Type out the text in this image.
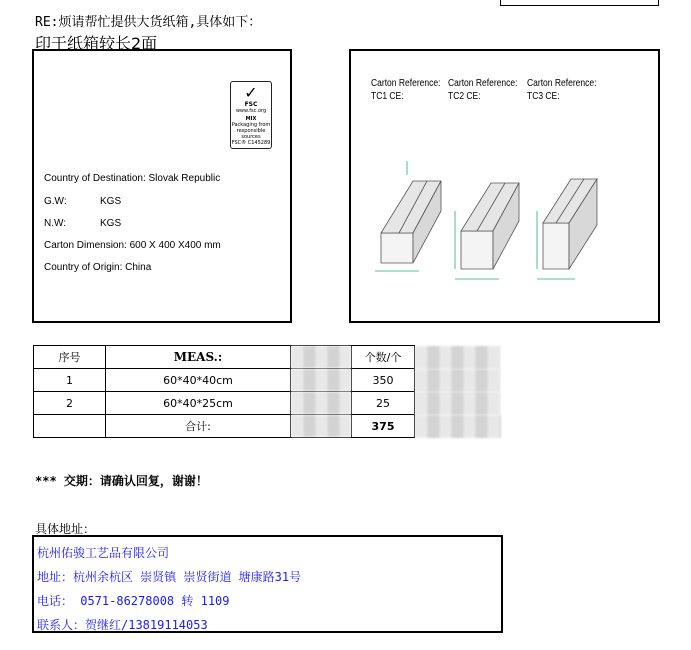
RE:烦请帮忙提供大货纸箱,具体如下：
印于纸箱较长2面
✓
FSC
www.fsc.org
MIX
Packaging from responsible sources
FSC® C145289
Country of Destination: Slovak Republic
G.W:	KGS
N.W:	KGS
Carton Dimension: 600 X 400 X400 mm
Country of Origin: China
Carton Reference:
TC1 CE:
Carton Reference:
TC2 CE:
Carton Reference:
TC3 CE:
序号	MEAS.:		个数/个	
1	60*40*40cm		350	
2	60*40*25cm		25	
	合计:		375	
*** 交期：请确认回复，谢谢！
具体地址：
杭州佑骏工艺品有限公司
地址：杭州余杭区 崇贤镇 崇贤街道 塘康路31号
电话： 0571-86278008 转 1109
联系人：贺继红/13819114053
